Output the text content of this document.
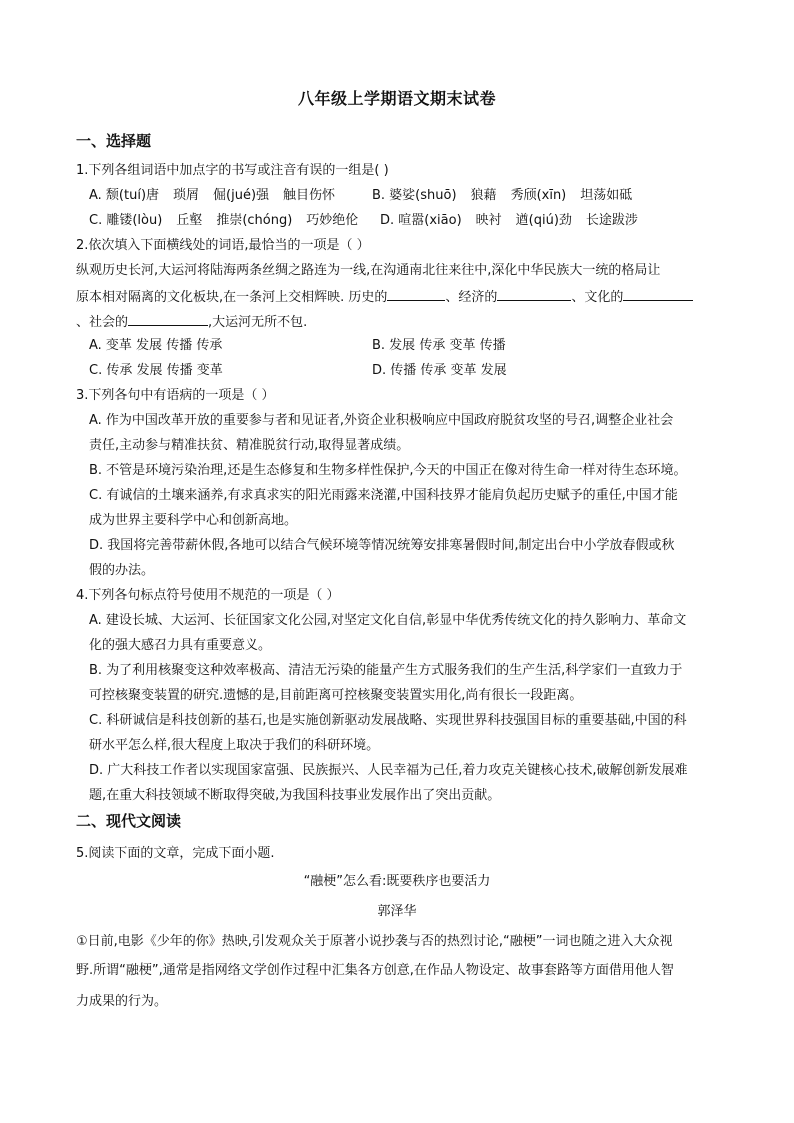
八年级上学期语文期末试卷
一、选择题
1.下列各组词语中加点字的书写或注音有误的一组是( )
A. 颓(tuí)唐 琐屑 倔(jué)强 触目伤怀	B. 婆娑(shuō) 狼藉 秀颀(xīn) 坦荡如砥
C. 雕镂(lòu) 丘壑 推崇(chóng) 巧妙绝伦	D. 喧嚣(xiāo) 映衬 遒(qiú)劲 长途跋涉
2.依次填入下面横线处的词语,最恰当的一项是（ ）
纵观历史长河,大运河将陆海两条丝绸之路连为一线,在沟通南北往来往中,深化中华民族大一统的格局让
原本相对隔离的文化板块,在一条河上交相辉映. 历史的	、经济的	、文化的
、社会的	,大运河无所不包.
A. 变革 发展 传播 传承	B. 发展 传承 变革 传播
C. 传承 发展 传播 变革	D. 传播 传承 变革 发展
3.下列各句中有语病的一项是（ ）
A. 作为中国改革开放的重要参与者和见证者,外资企业积极响应中国政府脱贫攻坚的号召,调整企业社会
责任,主动参与精准扶贫、精准脱贫行动,取得显著成绩。
B. 不管是环境污染治理,还是生态修复和生物多样性保护,今天的中国正在像对待生命一样对待生态环境。
C. 有诚信的土壤来涵养,有求真求实的阳光雨露来浇灌,中国科技界才能肩负起历史赋予的重任,中国才能
成为世界主要科学中心和创新高地。
D. 我国将完善带薪休假,各地可以结合气候环境等情况统筹安排寒暑假时间,制定出台中小学放春假或秋
假的办法。
4.下列各句标点符号使用不规范的一项是（ ）
A. 建设长城、大运河、长征国家文化公园,对坚定文化自信,彰显中华优秀传统文化的持久影响力、革命文
化的强大感召力具有重要意义。
B. 为了利用核聚变这种效率极高、清洁无污染的能量产生方式服务我们的生产生活,科学家们一直致力于
可控核聚变装置的研究.遗憾的是,目前距离可控核聚变装置实用化,尚有很长一段距离。
C. 科研诚信是科技创新的基石,也是实施创新驱动发展战略、实现世界科技强国目标的重要基础,中国的科
研水平怎么样,很大程度上取决于我们的科研环境。
D. 广大科技工作者以实现国家富强、民族振兴、人民幸福为己任,着力攻克关键核心技术,破解创新发展难
题,在重大科技领域不断取得突破,为我国科技事业发展作出了突出贡献。
二、现代文阅读
5.阅读下面的文章，完成下面小题.
“融梗”怎么看:既要秩序也要活力
郭泽华
①日前,电影《少年的你》热映,引发观众关于原著小说抄袭与否的热烈讨论,“融梗”一词也随之进入大众视
野.所谓“融梗”,通常是指网络文学创作过程中汇集各方创意,在作品人物设定、故事套路等方面借用他人智
力成果的行为。
